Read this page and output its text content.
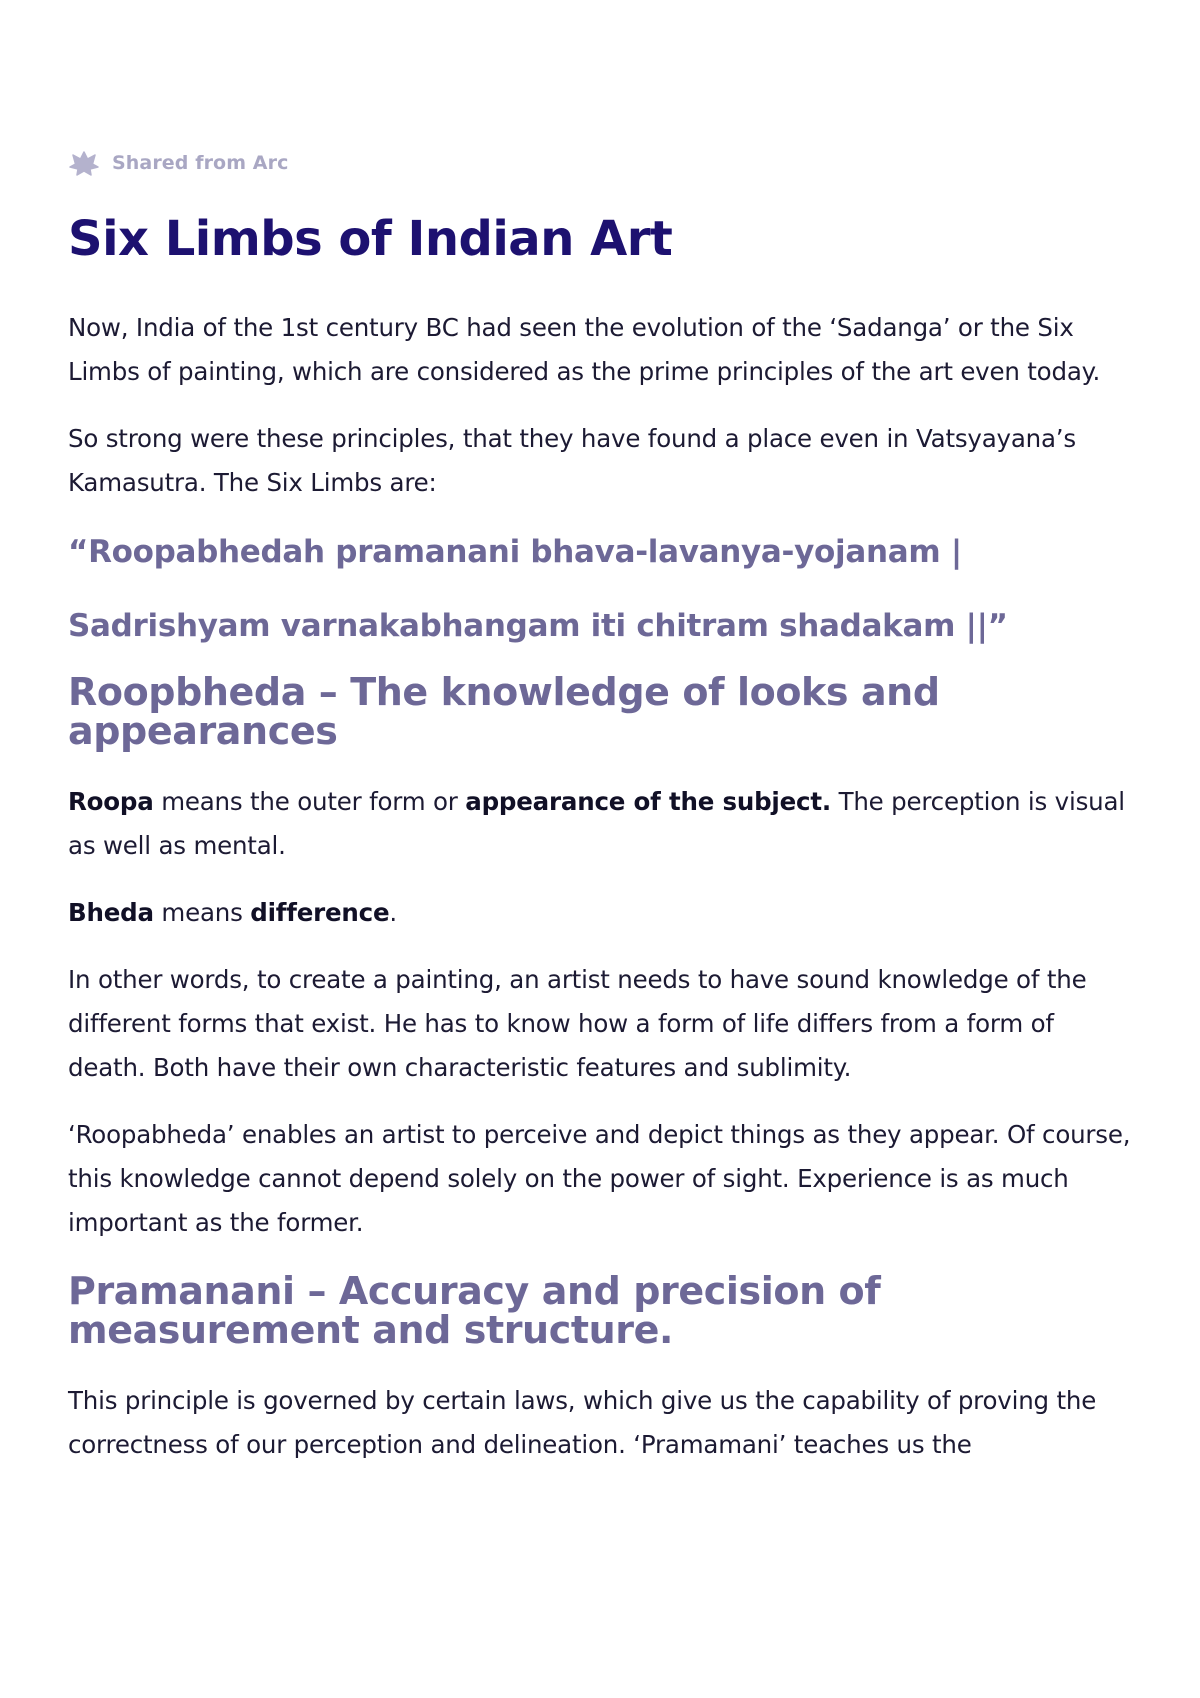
Shared from Arc
Six Limbs of Indian Art

Now, India of the 1st century BC had seen the evolution of the ‘Sadanga’ or the Six Limbs of painting, which are considered as the prime principles of the art even today.

So strong were these principles, that they have found a place even in Vatsyayana’s Kamasutra. The Six Limbs are:

“Roopabhedah pramanani bhava-lavanya-yojanam |

Sadrishyam varnakabhangam iti chitram shadakam ||”

Roopbheda – The knowledge of looks and appearances

Roopa means the outer form or appearance of the subject. The perception is visual as well as mental.

Bheda means difference.

In other words, to create a painting, an artist needs to have sound knowledge of the different forms that exist. He has to know how a form of life differs from a form of death. Both have their own characteristic features and sublimity.

‘Roopabheda’ enables an artist to perceive and depict things as they appear. Of course, this knowledge cannot depend solely on the power of sight. Experience is as much important as the former.

Pramanani – Accuracy and precision of measurement and structure.

This principle is governed by certain laws, which give us the capability of proving the correctness of our perception and delineation. ‘Pramamani’ teaches us the
